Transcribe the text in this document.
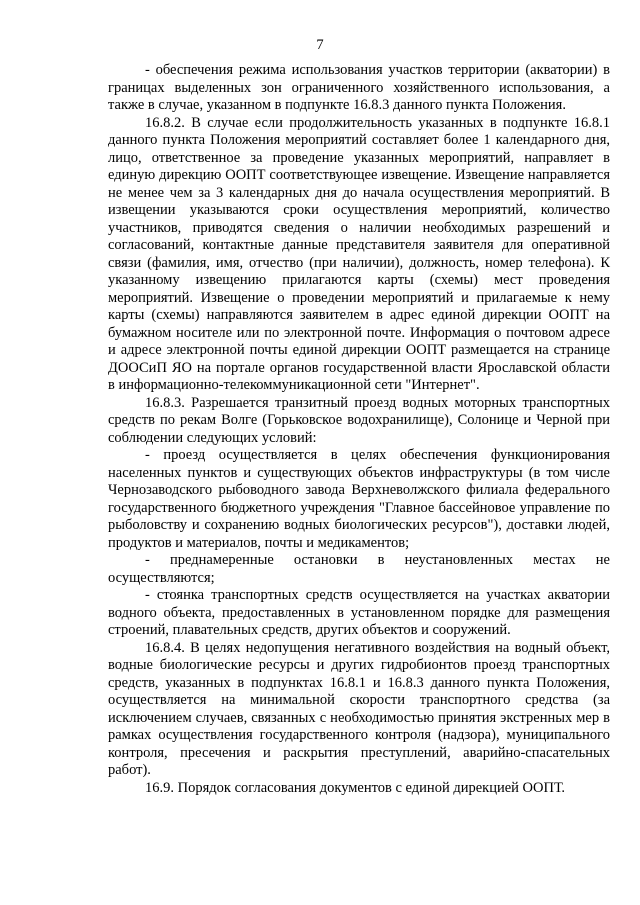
7

- обеспечения режима использования участков территории (акватории) в границах выделенных зон ограниченного хозяйственного использования, а также в случае, указанном в подпункте 16.8.3 данного пункта Положения.

16.8.2. В случае если продолжительность указанных в подпункте 16.8.1 данного пункта Положения мероприятий составляет более 1 календарного дня, лицо, ответственное за проведение указанных мероприятий, направляет в единую дирекцию ООПТ соответствующее извещение. Извещение направляется не менее чем за 3 календарных дня до начала осуществления мероприятий. В извещении указываются сроки осуществления мероприятий, количество участников, приводятся сведения о наличии необходимых разрешений и согласований, контактные данные представителя заявителя для оперативной связи (фамилия, имя, отчество (при наличии), должность, номер телефона). К указанному извещению прилагаются карты (схемы) мест проведения мероприятий. Извещение о проведении мероприятий и прилагаемые к нему карты (схемы) направляются заявителем в адрес единой дирекции ООПТ на бумажном носителе или по электронной почте. Информация о почтовом адресе и адресе электронной почты единой дирекции ООПТ размещается на странице ДООСиП ЯО на портале органов государственной власти Ярославской области в информационно-телекоммуникационной сети "Интернет".

16.8.3. Разрешается транзитный проезд водных моторных транспортных средств по рекам Волге (Горьковское водохранилище), Солонице и Черной при соблюдении следующих условий:

- проезд осуществляется в целях обеспечения функционирования населенных пунктов и существующих объектов инфраструктуры (в том числе Чернозаводского рыбоводного завода Верхневолжского филиала федерального государственного бюджетного учреждения "Главное бассейновое управление по рыболовству и сохранению водных биологических ресурсов"), доставки людей, продуктов и материалов, почты и медикаментов;

- преднамеренные остановки в неустановленных местах не осуществляются;

- стоянка транспортных средств осуществляется на участках акватории водного объекта, предоставленных в установленном порядке для размещения строений, плавательных средств, других объектов и сооружений.

16.8.4. В целях недопущения негативного воздействия на водный объект, водные биологические ресурсы и других гидробионтов проезд транспортных средств, указанных в подпунктах 16.8.1 и 16.8.3 данного пункта Положения, осуществляется на минимальной скорости транспортного средства (за исключением случаев, связанных с необходимостью принятия экстренных мер в рамках осуществления государственного контроля (надзора), муниципального контроля, пресечения и раскрытия преступлений, аварийно-спасательных работ).

16.9. Порядок согласования документов с единой дирекцией ООПТ.
